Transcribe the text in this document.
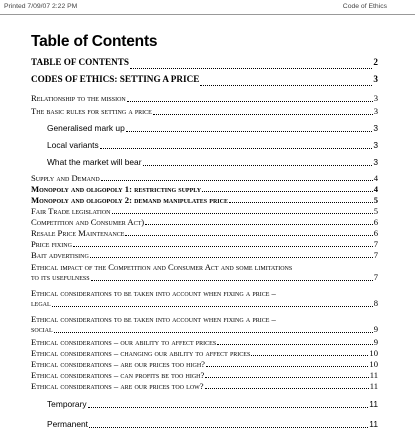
Printed 7/09/07 2:22 PM	Code of Ethics
Table of Contents
TABLE OF CONTENTS	2
CODES OF ETHICS: SETTING A PRICE	3
Relationship to the mission	3
The basic rules for setting a price	3
Generalised mark up	3
Local variants	3
What the market will bear	3
Supply and Demand	4
Monopoly and oligopoly 1: restricting supply	4
Monopoly and oligopoly 2: demand manipulates price	5
Fair Trade legislation	5
Competition and Consumer Act)	6
Resale Price Maintenance	6
Price fixing	7
Bait advertising	7
Ethical impact of the Competition and Consumer Act and some limitations
to its usefulness	7
Ethical considerations to be taken into account when fixing a price –
legal	8
Ethical considerations to be taken into account when fixing a price –
social	9
Ethical considerations – our ability to affect prices	9
Ethical considerations – changing our ability to affect prices	10
Ethical considerations – are our prices too high?	10
Ethical considerations – can profits be too high?	11
Ethical considerations – are our prices too low?	11
Temporary	11
Permanent	11
